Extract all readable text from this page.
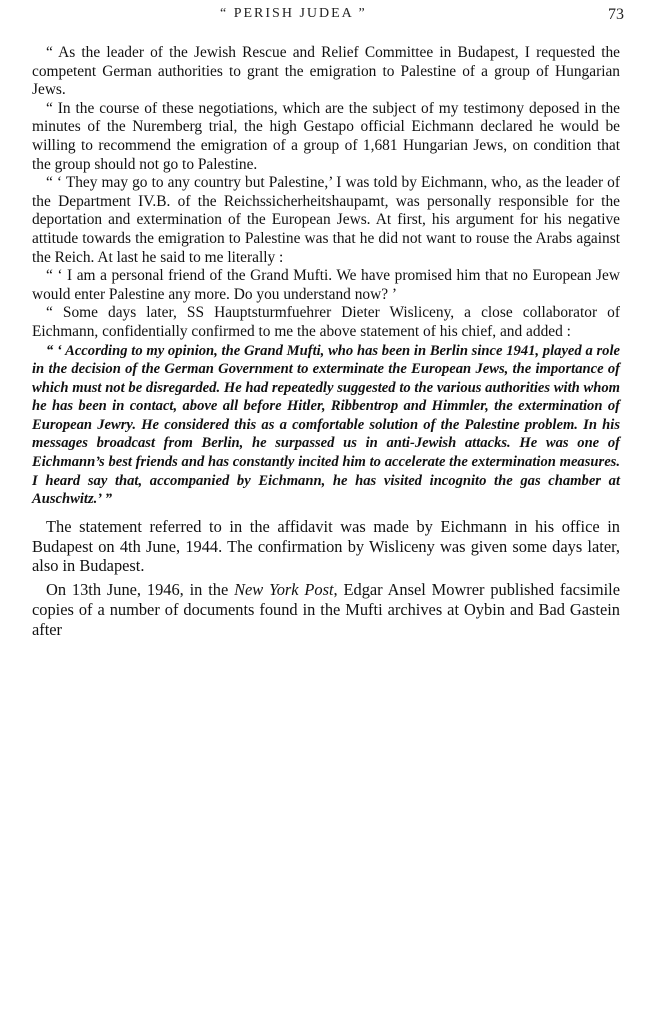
“ PERISH JUDEA ”	73

“ As the leader of the Jewish Rescue and Relief Committee in Budapest, I requested the competent German authorities to grant the emigration to Palestine of a group of Hungarian Jews.

“ In the course of these negotiations, which are the subject of my testimony deposed in the minutes of the Nuremberg trial, the high Gestapo official Eichmann declared he would be willing to recommend the emigration of a group of 1,681 Hungarian Jews, on condition that the group should not go to Palestine.

“ ‘ They may go to any country but Palestine,’ I was told by Eichmann, who, as the leader of the Department IV.B. of the Reichssicherheitshaupamt, was personally responsible for the deportation and extermination of the European Jews. At first, his argument for his negative attitude towards the emigration to Palestine was that he did not want to rouse the Arabs against the Reich. At last he said to me literally :

“ ‘ I am a personal friend of the Grand Mufti. We have promised him that no European Jew would enter Palestine any more. Do you understand now? ’

“ Some days later, SS Hauptsturmfuehrer Dieter Wisliceny, a close collaborator of Eichmann, confidentially confirmed to me the above statement of his chief, and added :

“ ‘ According to my opinion, the Grand Mufti, who has been in Berlin since 1941, played a role in the decision of the German Government to exterminate the European Jews, the importance of which must not be disregarded. He had repeatedly suggested to the various authorities with whom he has been in contact, above all before Hitler, Ribbentrop and Himmler, the extermination of European Jewry. He considered this as a comfortable solution of the Palestine problem. In his messages broadcast from Berlin, he surpassed us in anti-Jewish attacks. He was one of Eichmann’s best friends and has constantly incited him to accelerate the extermination measures. I heard say that, accompanied by Eichmann, he has visited incognito the gas chamber at Auschwitz.’ ”

The statement referred to in the affidavit was made by Eichmann in his office in Budapest on 4th June, 1944. The confirmation by Wisliceny was given some days later, also in Budapest.

On 13th June, 1946, in the New York Post, Edgar Ansel Mowrer published facsimile copies of a number of documents found in the Mufti archives at Oybin and Bad Gastein after
